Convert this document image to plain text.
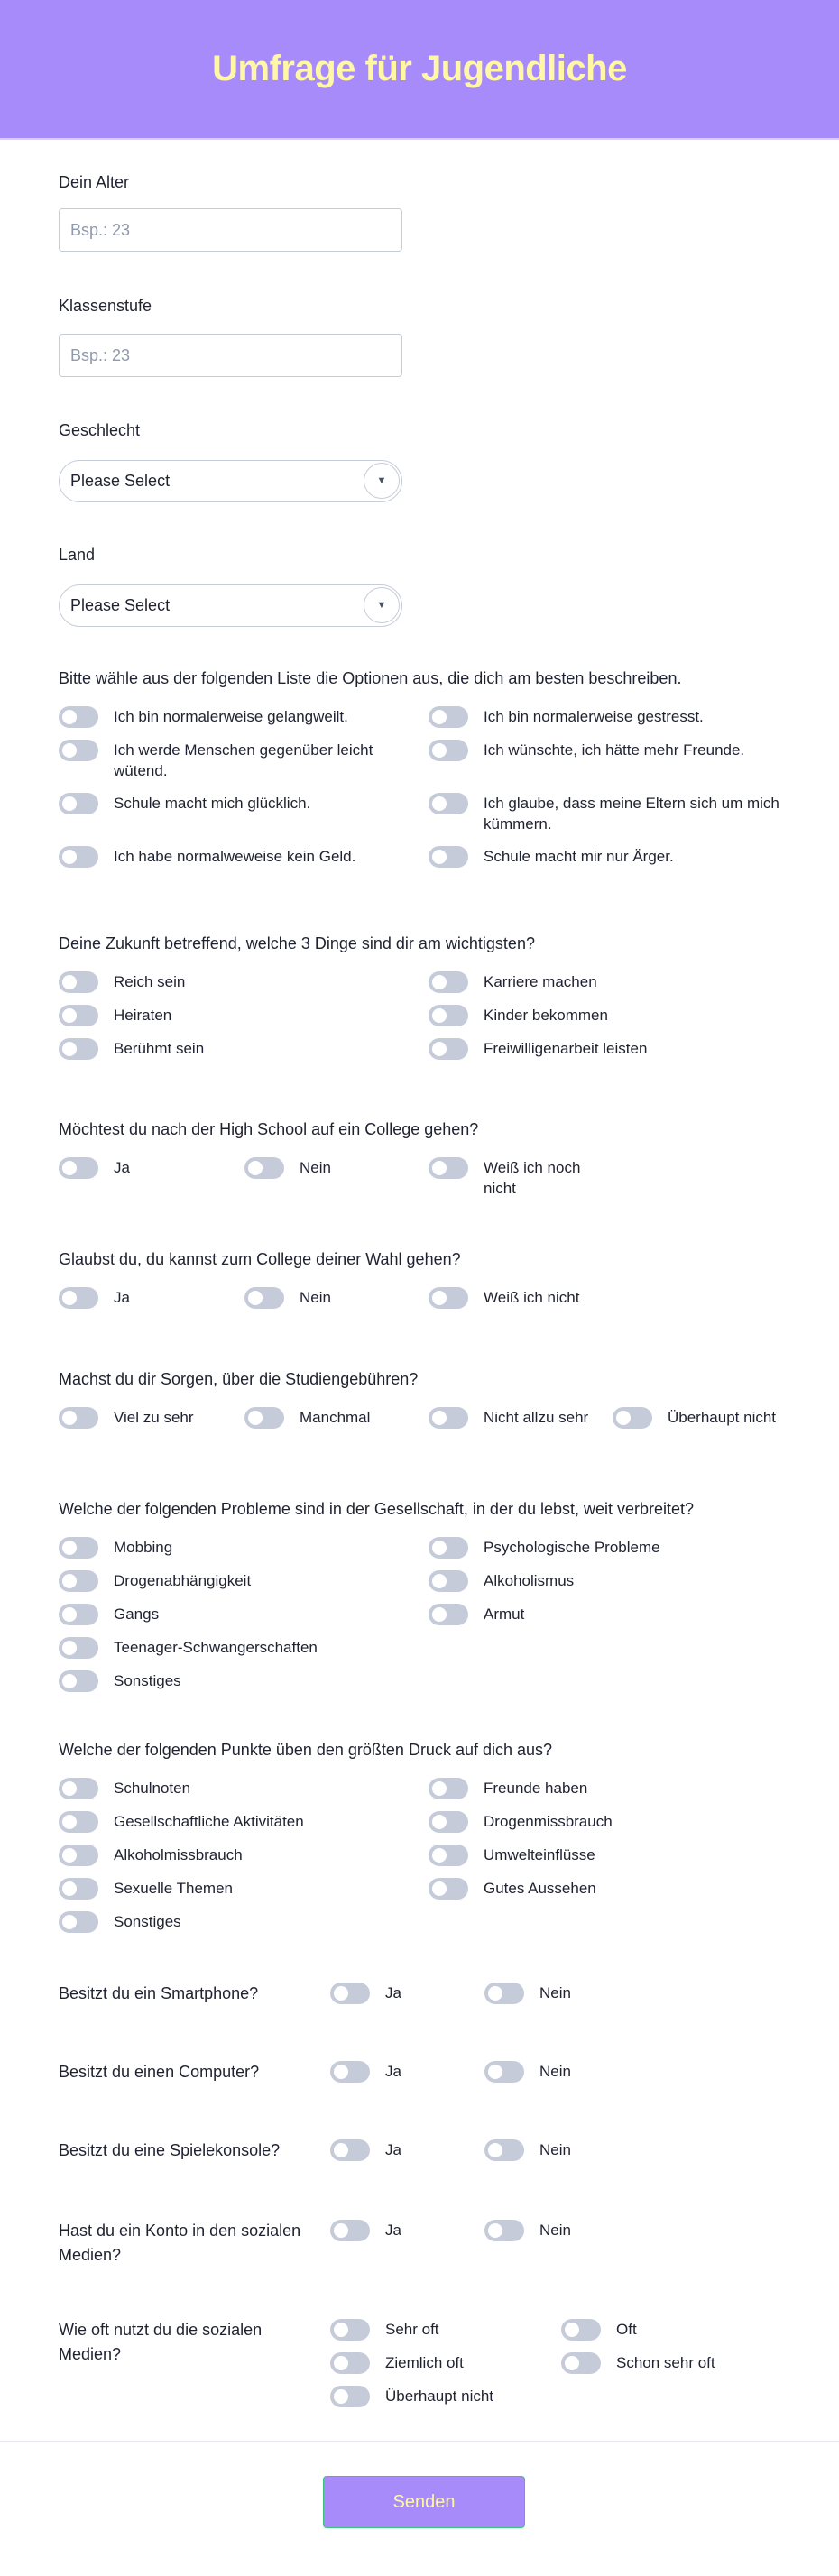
Umfrage für Jugendliche
Dein Alter
Bsp.: 23
Klassenstufe
Bsp.: 23
Geschlecht
Please Select	▼
Land
Please Select	▼
Bitte wähle aus der folgenden Liste die Optionen aus, die dich am besten beschreiben.
Ich bin normalerweise gelangweilt.	Ich bin normalerweise gestresst.
Ich werde Menschen gegenüber leicht wütend.
Ich wünschte, ich hätte mehr Freunde.
Schule macht mich glücklich.	Ich glaube, dass meine Eltern sich um mich kümmern.
Ich habe normalweweise kein Geld.	Schule macht mir nur Ärger.
Deine Zukunft betreffend, welche 3 Dinge sind dir am wichtigsten?
Reich sein	Karriere machen
Heiraten	Kinder bekommen
Berühmt sein	Freiwilligenarbeit leisten
Möchtest du nach der High School auf ein College gehen?
Ja	Nein	Weiß ich noch nicht
Glaubst du, du kannst zum College deiner Wahl gehen?
Ja	Nein	Weiß ich nicht
Machst du dir Sorgen, über die Studiengebühren?
Viel zu sehr	Manchmal	Nicht allzu sehr	Überhaupt nicht
Welche der folgenden Probleme sind in der Gesellschaft, in der du lebst, weit verbreitet?
Mobbing	Psychologische Probleme
Drogenabhängigkeit	Alkoholismus
Gangs	Armut
Teenager-Schwangerschaften
Sonstiges
Welche der folgenden Punkte üben den größten Druck auf dich aus?
Schulnoten	Freunde haben
Gesellschaftliche Aktivitäten	Drogenmissbrauch
Alkoholmissbrauch	Umwelteinflüsse
Sexuelle Themen	Gutes Aussehen
Sonstiges
Besitzt du ein Smartphone?	Ja	Nein
Besitzt du einen Computer?	Ja	Nein
Besitzt du eine Spielekonsole?	Ja	Nein
Hast du ein Konto in den sozialen Medien?
Ja	Nein
Wie oft nutzt du die sozialen Medien?
Sehr oft	Oft
Ziemlich oft	Schon sehr oft
Überhaupt nicht
Senden
